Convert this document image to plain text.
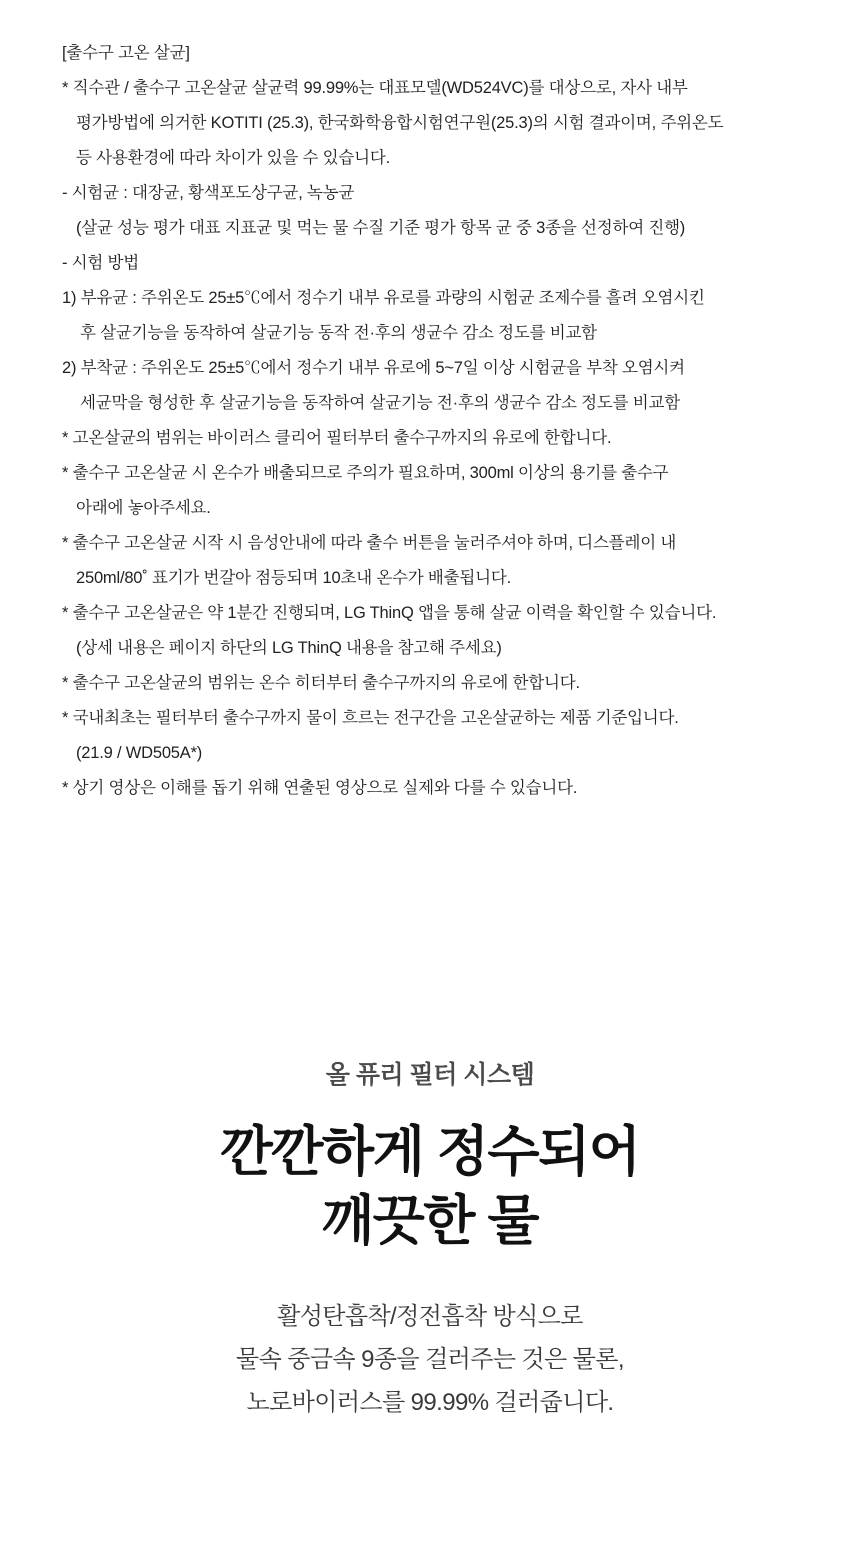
[출수구 고온 살균]
* 직수관 / 출수구 고온살균 살균력 99.99%는 대표모델(WD524VC)를 대상으로, 자사 내부
평가방법에 의거한 KOTITI (25.3), 한국화학융합시험연구원(25.3)의 시험 결과이며, 주위온도
등 사용환경에 따라 차이가 있을 수 있습니다.
- 시험균 : 대장균, 황색포도상구균, 녹농균
(살균 성능 평가 대표 지표균 및 먹는 물 수질 기준 평가 항목 균 중 3종을 선정하여 진행)
- 시험 방법
1) 부유균 : 주위온도 25±5℃에서 정수기 내부 유로를 과량의 시험균 조제수를 흘려 오염시킨
후 살균기능을 동작하여 살균기능 동작 전·후의 생균수 감소 정도를 비교함
2) 부착균 : 주위온도 25±5℃에서 정수기 내부 유로에 5~7일 이상 시험균을 부착 오염시켜
세균막을 형성한 후 살균기능을 동작하여 살균기능 전·후의 생균수 감소 정도를 비교함
* 고온살균의 범위는 바이러스 클리어 필터부터 출수구까지의 유로에 한합니다.
* 출수구 고온살균 시 온수가 배출되므로 주의가 필요하며, 300ml 이상의 용기를 출수구
아래에 놓아주세요.
* 출수구 고온살균 시작 시 음성안내에 따라 출수 버튼을 눌러주셔야 하며, 디스플레이 내
250ml/80˚ 표기가 번갈아 점등되며 10초내 온수가 배출됩니다.
* 출수구 고온살균은 약 1분간 진행되며, LG ThinQ 앱을 통해 살균 이력을 확인할 수 있습니다.
(상세 내용은 페이지 하단의 LG ThinQ 내용을 참고해 주세요)
* 출수구 고온살균의 범위는 온수 히터부터 출수구까지의 유로에 한합니다.
* 국내최초는 필터부터 출수구까지 물이 흐르는 전구간을 고온살균하는 제품 기준입니다.
(21.9 / WD505A*)
* 상기 영상은 이해를 돕기 위해 연출된 영상으로 실제와 다를 수 있습니다.
올 퓨리 필터 시스템
깐깐하게 정수되어
깨끗한 물
활성탄흡착/정전흡착 방식으로
물속 중금속 9종을 걸러주는 것은 물론,
노로바이러스를 99.99% 걸러줍니다.
